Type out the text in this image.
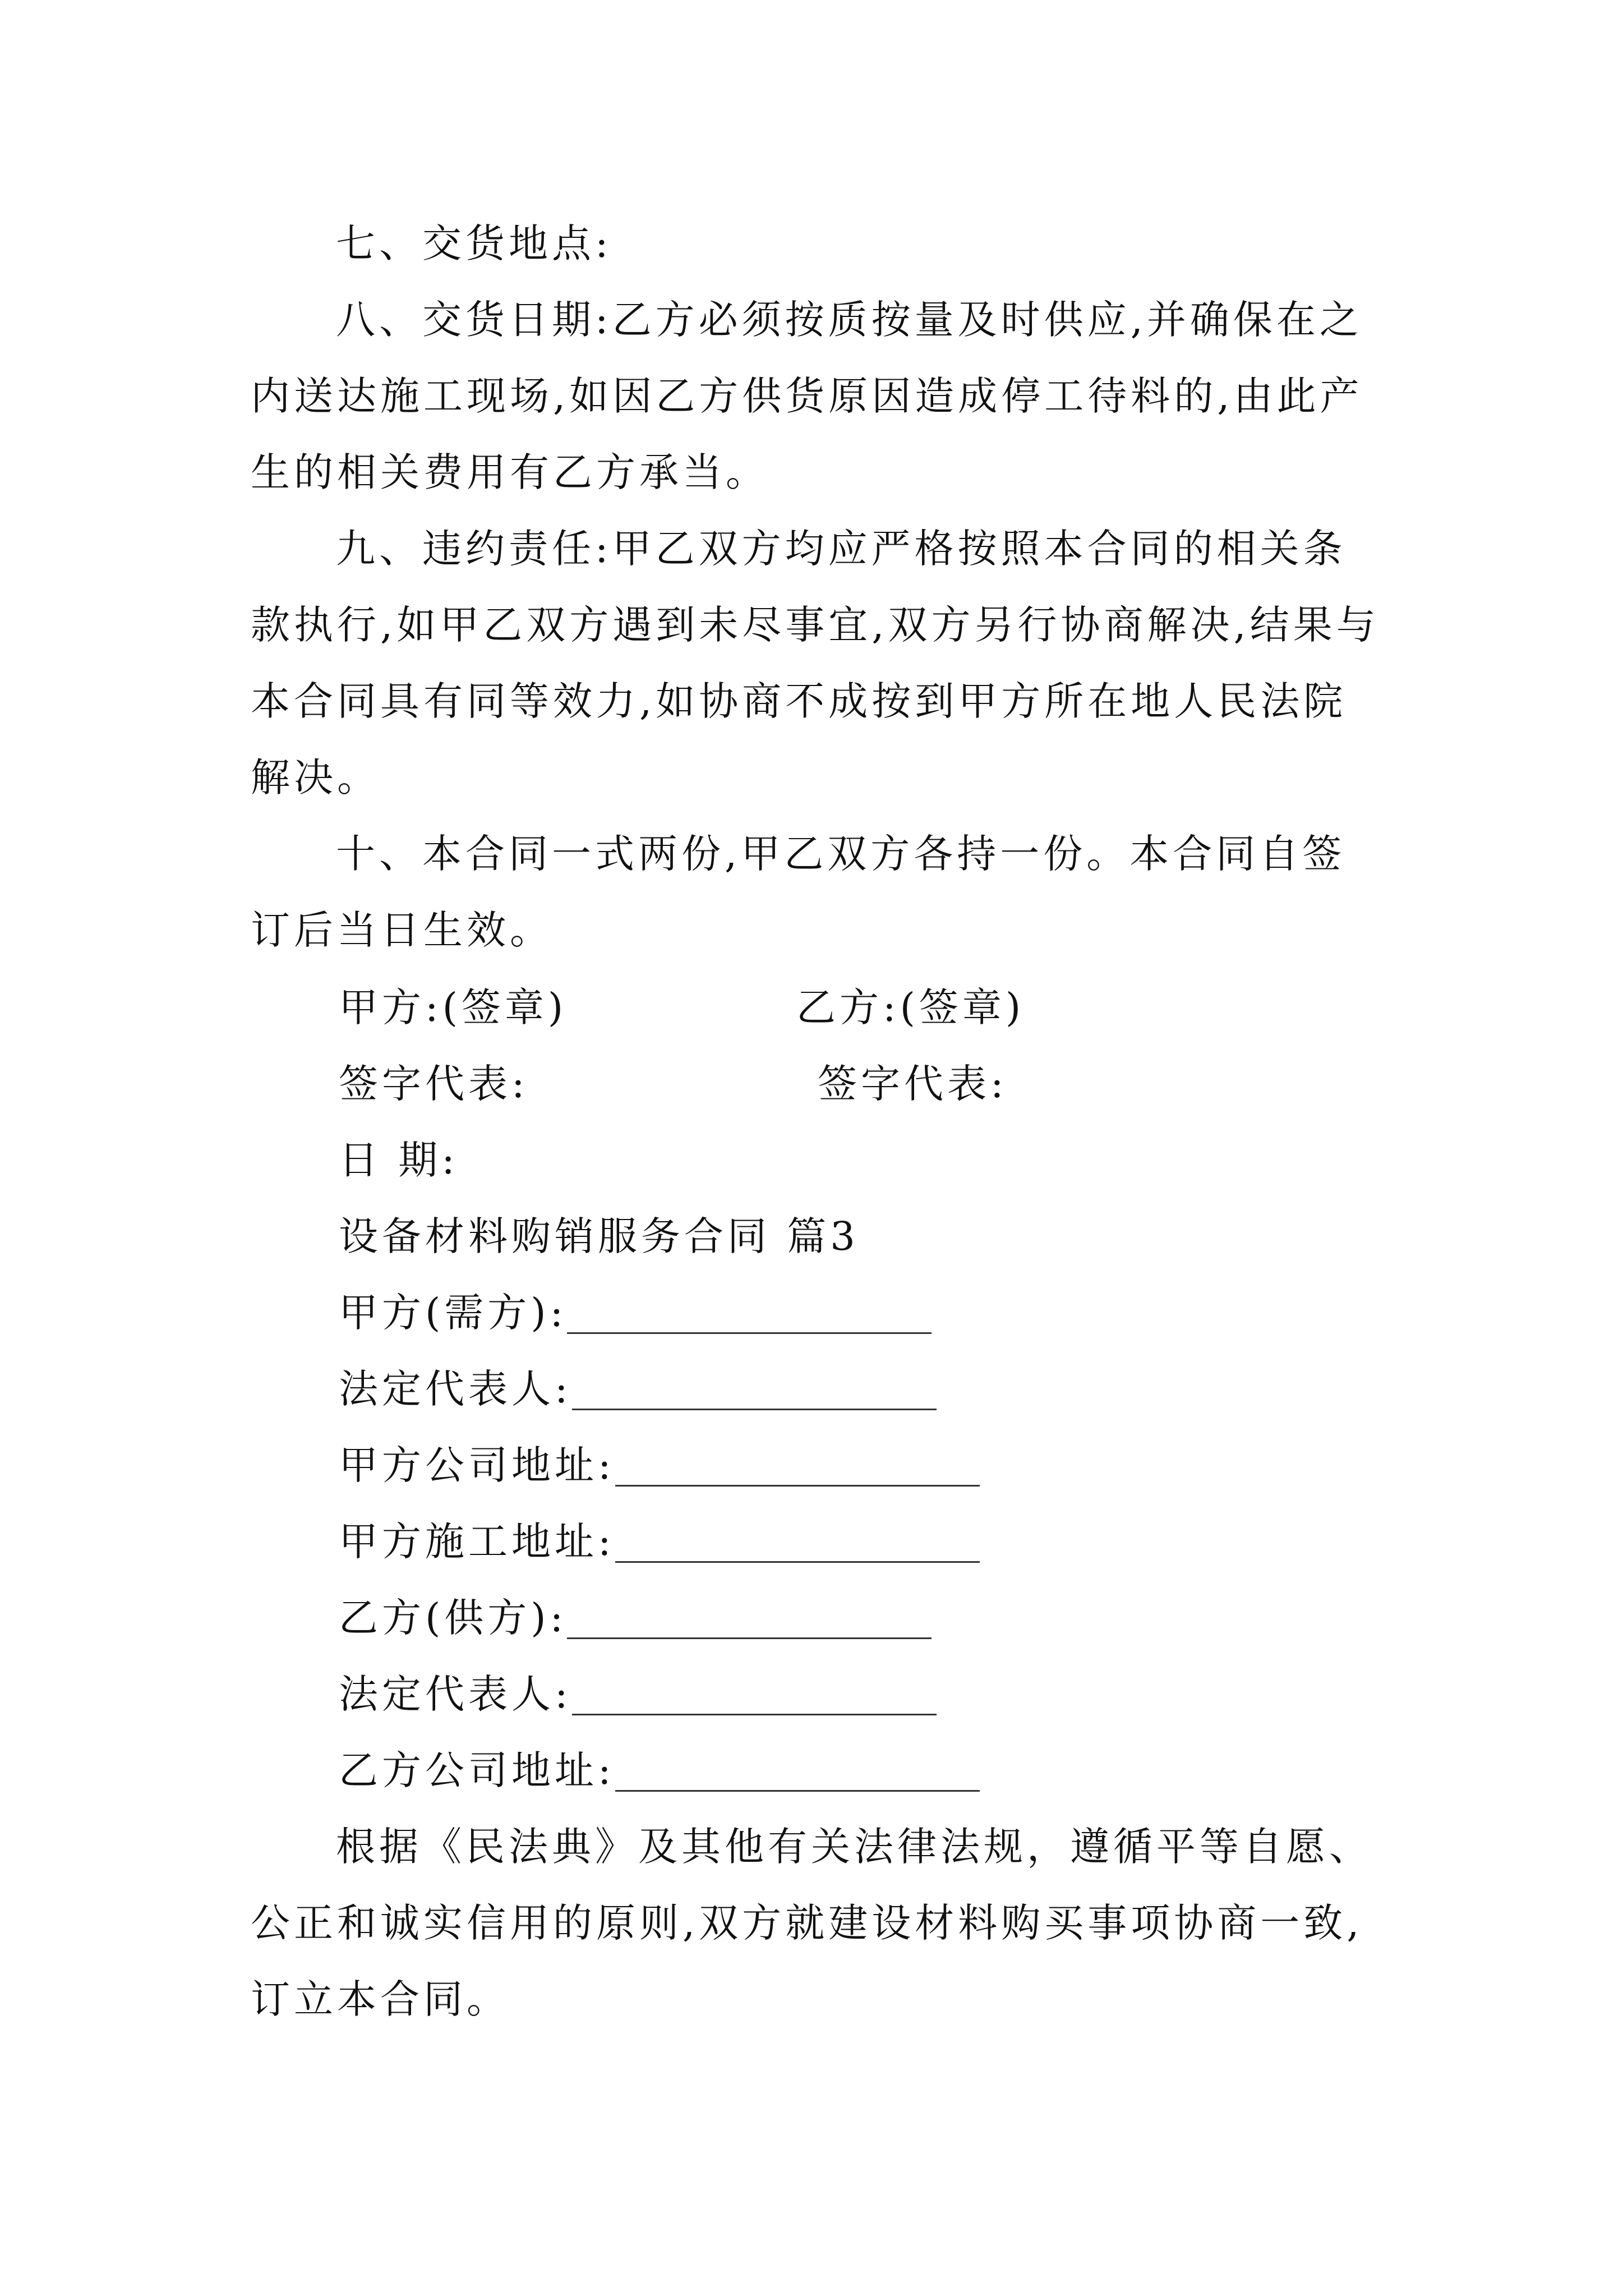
七、交货地点:

八、交货日期:乙方必须按质按量及时供应,并确保在之内送达施工现场,如因乙方供货原因造成停工待料的,由此产生的相关费用有乙方承当。

九、违约责任:甲乙双方均应严格按照本合同的相关条款执行,如甲乙双方遇到未尽事宜,双方另行协商解决,结果与本合同具有同等效力,如协商不成按到甲方所在地人民法院解决。

十、本合同一式两份,甲乙双方各持一份。本合同自签订后当日生效。

甲方:(签章)	乙方:(签章)
签字代表:	签字代表:
日 期:
设备材料购销服务合同 篇3
甲方(需方):
法定代表人:
甲方公司地址:
甲方施工地址:
乙方(供方):
法定代表人:
乙方公司地址:

根据《民法典》及其他有关法律法规，遵循平等自愿、公正和诚实信用的原则,双方就建设材料购买事项协商一致,订立本合同。
